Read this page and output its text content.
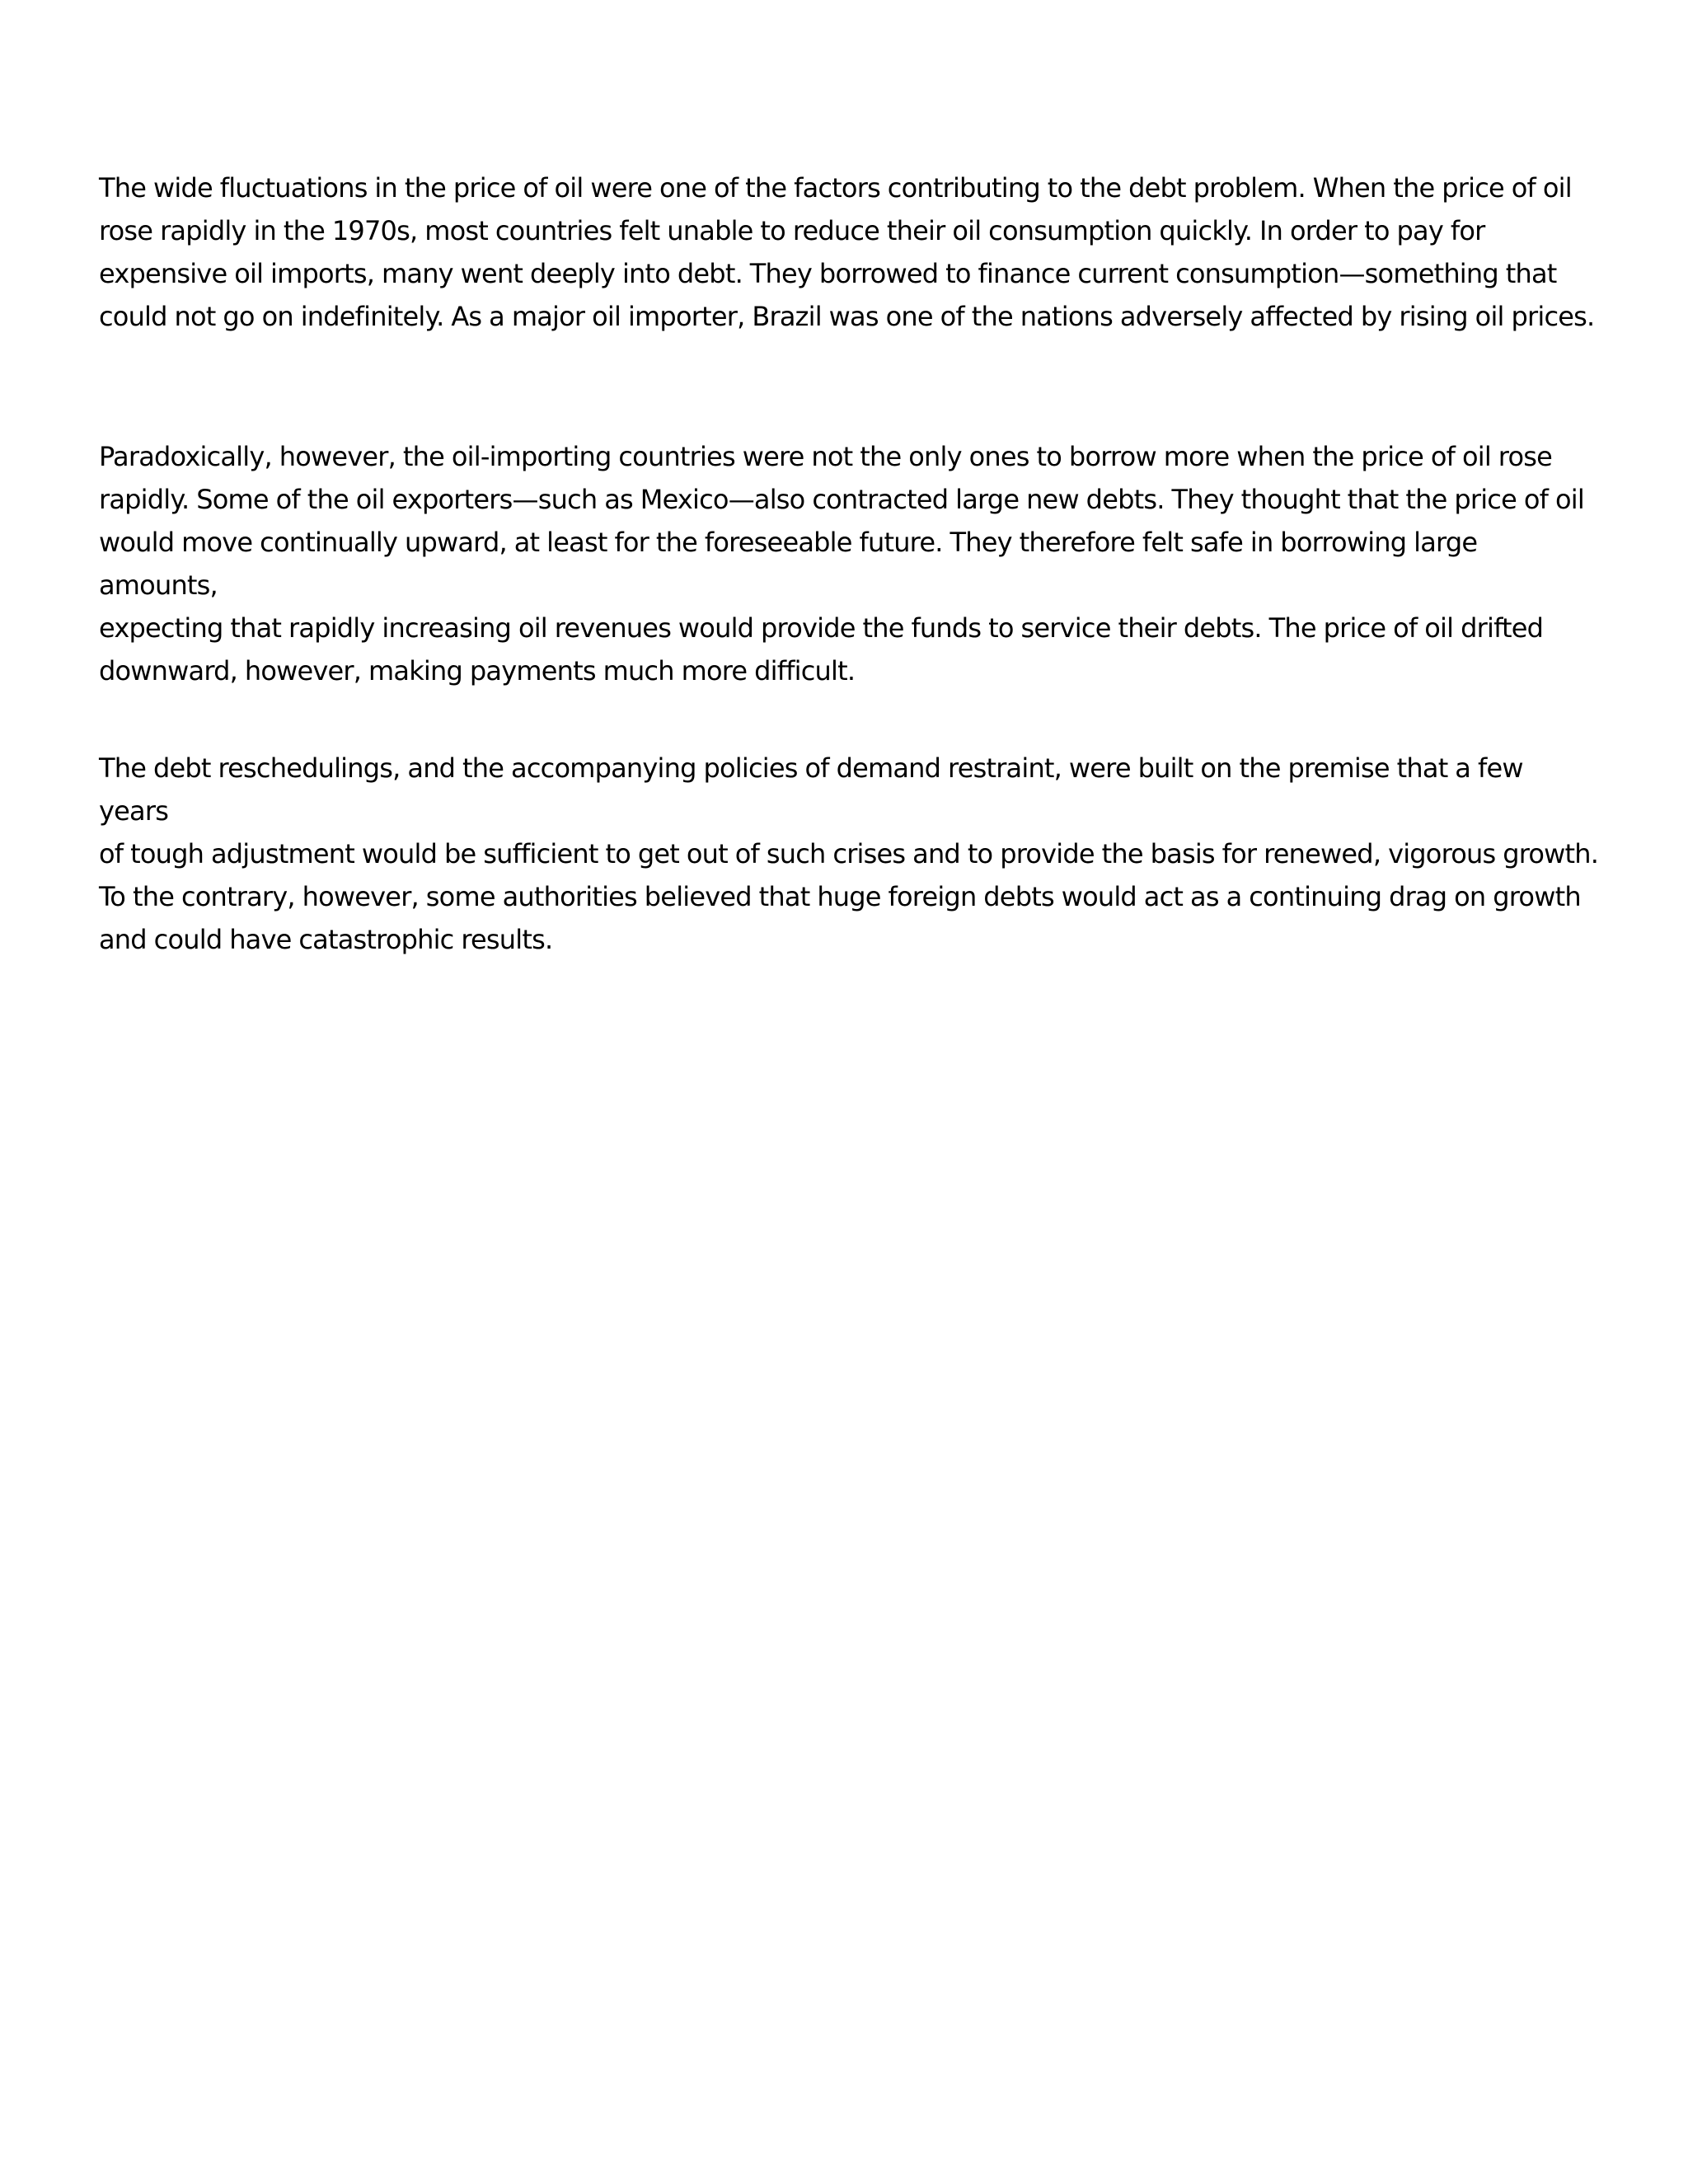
The wide fluctuations in the price of oil were one of the factors contributing to the debt problem. When the price of oil
rose rapidly in the 1970s, most countries felt unable to reduce their oil consumption quickly. In order to pay for
expensive oil imports, many went deeply into debt. They borrowed to finance current consumption—something that
could not go on indefinitely. As a major oil importer, Brazil was one of the nations adversely affected by rising oil prices.

Paradoxically, however, the oil-importing countries were not the only ones to borrow more when the price of oil rose
rapidly. Some of the oil exporters—such as Mexico—also contracted large new debts. They thought that the price of oil
would move continually upward, at least for the foreseeable future. They therefore felt safe in borrowing large amounts,
expecting that rapidly increasing oil revenues would provide the funds to service their debts. The price of oil drifted
downward, however, making payments much more difficult.

The debt reschedulings, and the accompanying policies of demand restraint, were built on the premise that a few years
of tough adjustment would be sufficient to get out of such crises and to provide the basis for renewed, vigorous growth.
To the contrary, however, some authorities believed that huge foreign debts would act as a continuing drag on growth
and could have catastrophic results.
